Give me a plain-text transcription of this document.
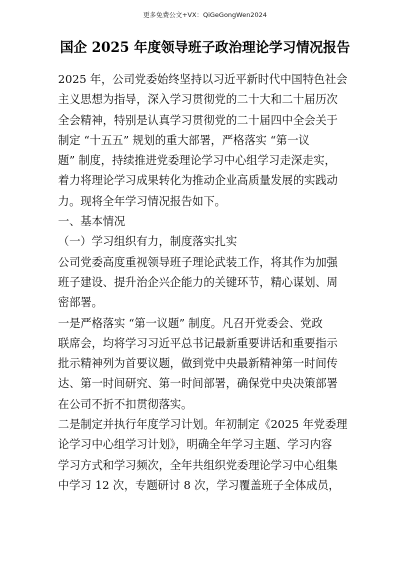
更多免费公文+VX：QiGeGongWen2024
国企 2025 年度领导班子政治理论学习情况报告
2025 年，公司党委始终坚持以习近平新时代中国特色社会
主义思想为指导，深入学习贯彻党的二十大和二十届历次
全会精神，特别是认真学习贯彻党的二十届四中全会关于
制定 “十五五” 规划的重大部署，严格落实 “第一议
题” 制度，持续推进党委理论学习中心组学习走深走实，
着力将理论学习成果转化为推动企业高质量发展的实践动
力。现将全年学习情况报告如下。
一、基本情况
（一）学习组织有力，制度落实扎实
公司党委高度重视领导班子理论武装工作，将其作为加强
班子建设、提升治企兴企能力的关键环节，精心谋划、周
密部署。
一是严格落实 “第一议题” 制度。凡召开党委会、党政
联席会，均将学习习近平总书记最新重要讲话和重要指示
批示精神列为首要议题，做到党中央最新精神第一时间传
达、第一时间研究、第一时间部署，确保党中央决策部署
在公司不折不扣贯彻落实。
二是制定并执行年度学习计划。年初制定《2025 年党委理
论学习中心组学习计划》，明确全年学习主题、学习内容
学习方式和学习频次，全年共组织党委理论学习中心组集
中学习 12 次，专题研讨 8 次，学习覆盖班子全体成员，
